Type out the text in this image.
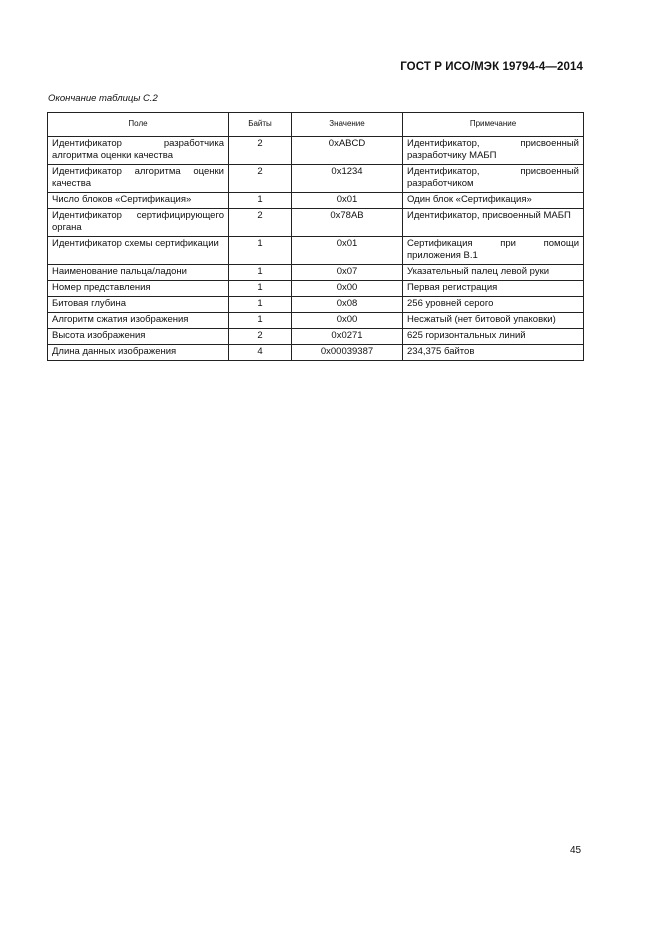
ГОСТ Р ИСО/МЭК 19794-4—2014
Окончание таблицы С.2
Поле	Байты	Значение	Примечание
Идентификатор разработчика алгоритма оценки качества	2	0xABCD	Идентификатор, присвоенный разработчику МАБП
Идентификатор алгоритма оценки качества	2	0x1234	Идентификатор, присвоенный разработчиком
Число блоков «Сертификация»	1	0x01	Один блок «Сертификация»
Идентификатор сертифицирующего органа	2	0x78AB	Идентификатор, присвоенный МАБП
Идентификатор схемы сертификации	1	0x01	Сертификация при помощи приложения В.1
Наименование пальца/ладони	1	0x07	Указательный палец левой руки
Номер представления	1	0x00	Первая регистрация
Битовая глубина	1	0x08	256 уровней серого
Алгоритм сжатия изображения	1	0x00	Несжатый (нет битовой упаковки)
Высота изображения	2	0x0271	625 горизонтальных линий
Длина данных изображения	4	0x00039387	234,375 байтов
45
